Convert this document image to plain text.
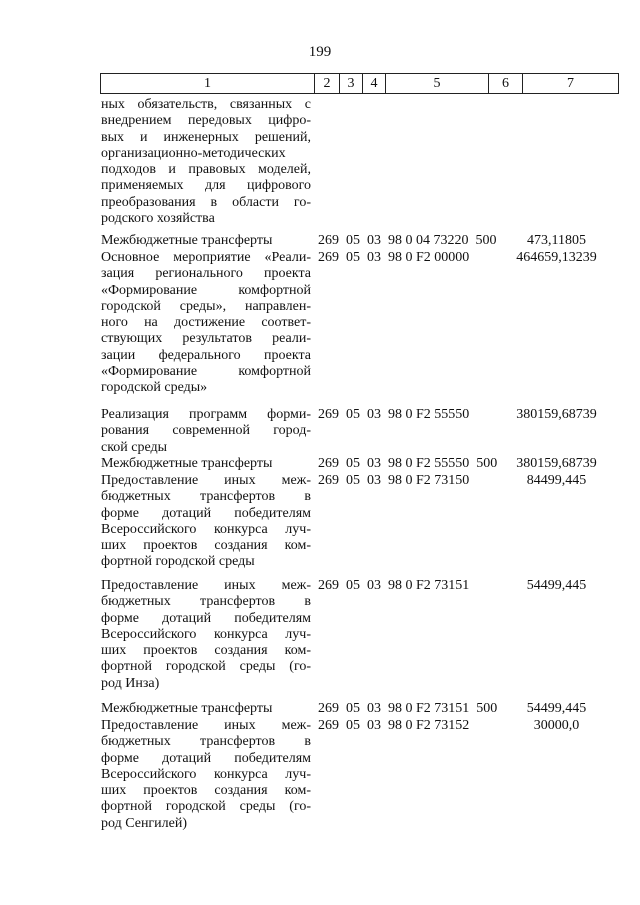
199
1	2	3	4	5	6	7
ных обязательств, связанных с
внедрением передовых цифро-
вых и инженерных решений,
организационно-методических
подходов и правовых моделей,
применяемых для цифрового
преобразования в области го-
родского хозяйства
Межбюджетные трансферты	269  05  03  98 0 04 73220  500	473,11805
Основное мероприятие «Реали-
зация регионального проекта
«Формирование комфортной
городской среды», направлен-
ного на достижение соответ-
ствующих результатов реали-
зации федерального проекта
«Формирование комфортной
городской среды»
269  05  03  98 0 F2 00000	464659,13239
Реализация программ форми-
рования современной город-
ской среды
269  05  03  98 0 F2 55550	380159,68739
Межбюджетные трансферты	269  05  03  98 0 F2 55550  500	380159,68739
Предоставление иных меж-
бюджетных трансфертов в
форме дотаций победителям
Всероссийского конкурса луч-
ших проектов создания ком-
фортной городской среды
269  05  03  98 0 F2 73150	84499,445
Предоставление иных меж-
бюджетных трансфертов в
форме дотаций победителям
Всероссийского конкурса луч-
ших проектов создания ком-
фортной городской среды (го-
род Инза)
269  05  03  98 0 F2 73151	54499,445
Межбюджетные трансферты	269  05  03  98 0 F2 73151  500	54499,445
Предоставление иных меж-
бюджетных трансфертов в
форме дотаций победителям
Всероссийского конкурса луч-
ших проектов создания ком-
фортной городской среды (го-
род Сенгилей)
269  05  03  98 0 F2 73152	30000,0
